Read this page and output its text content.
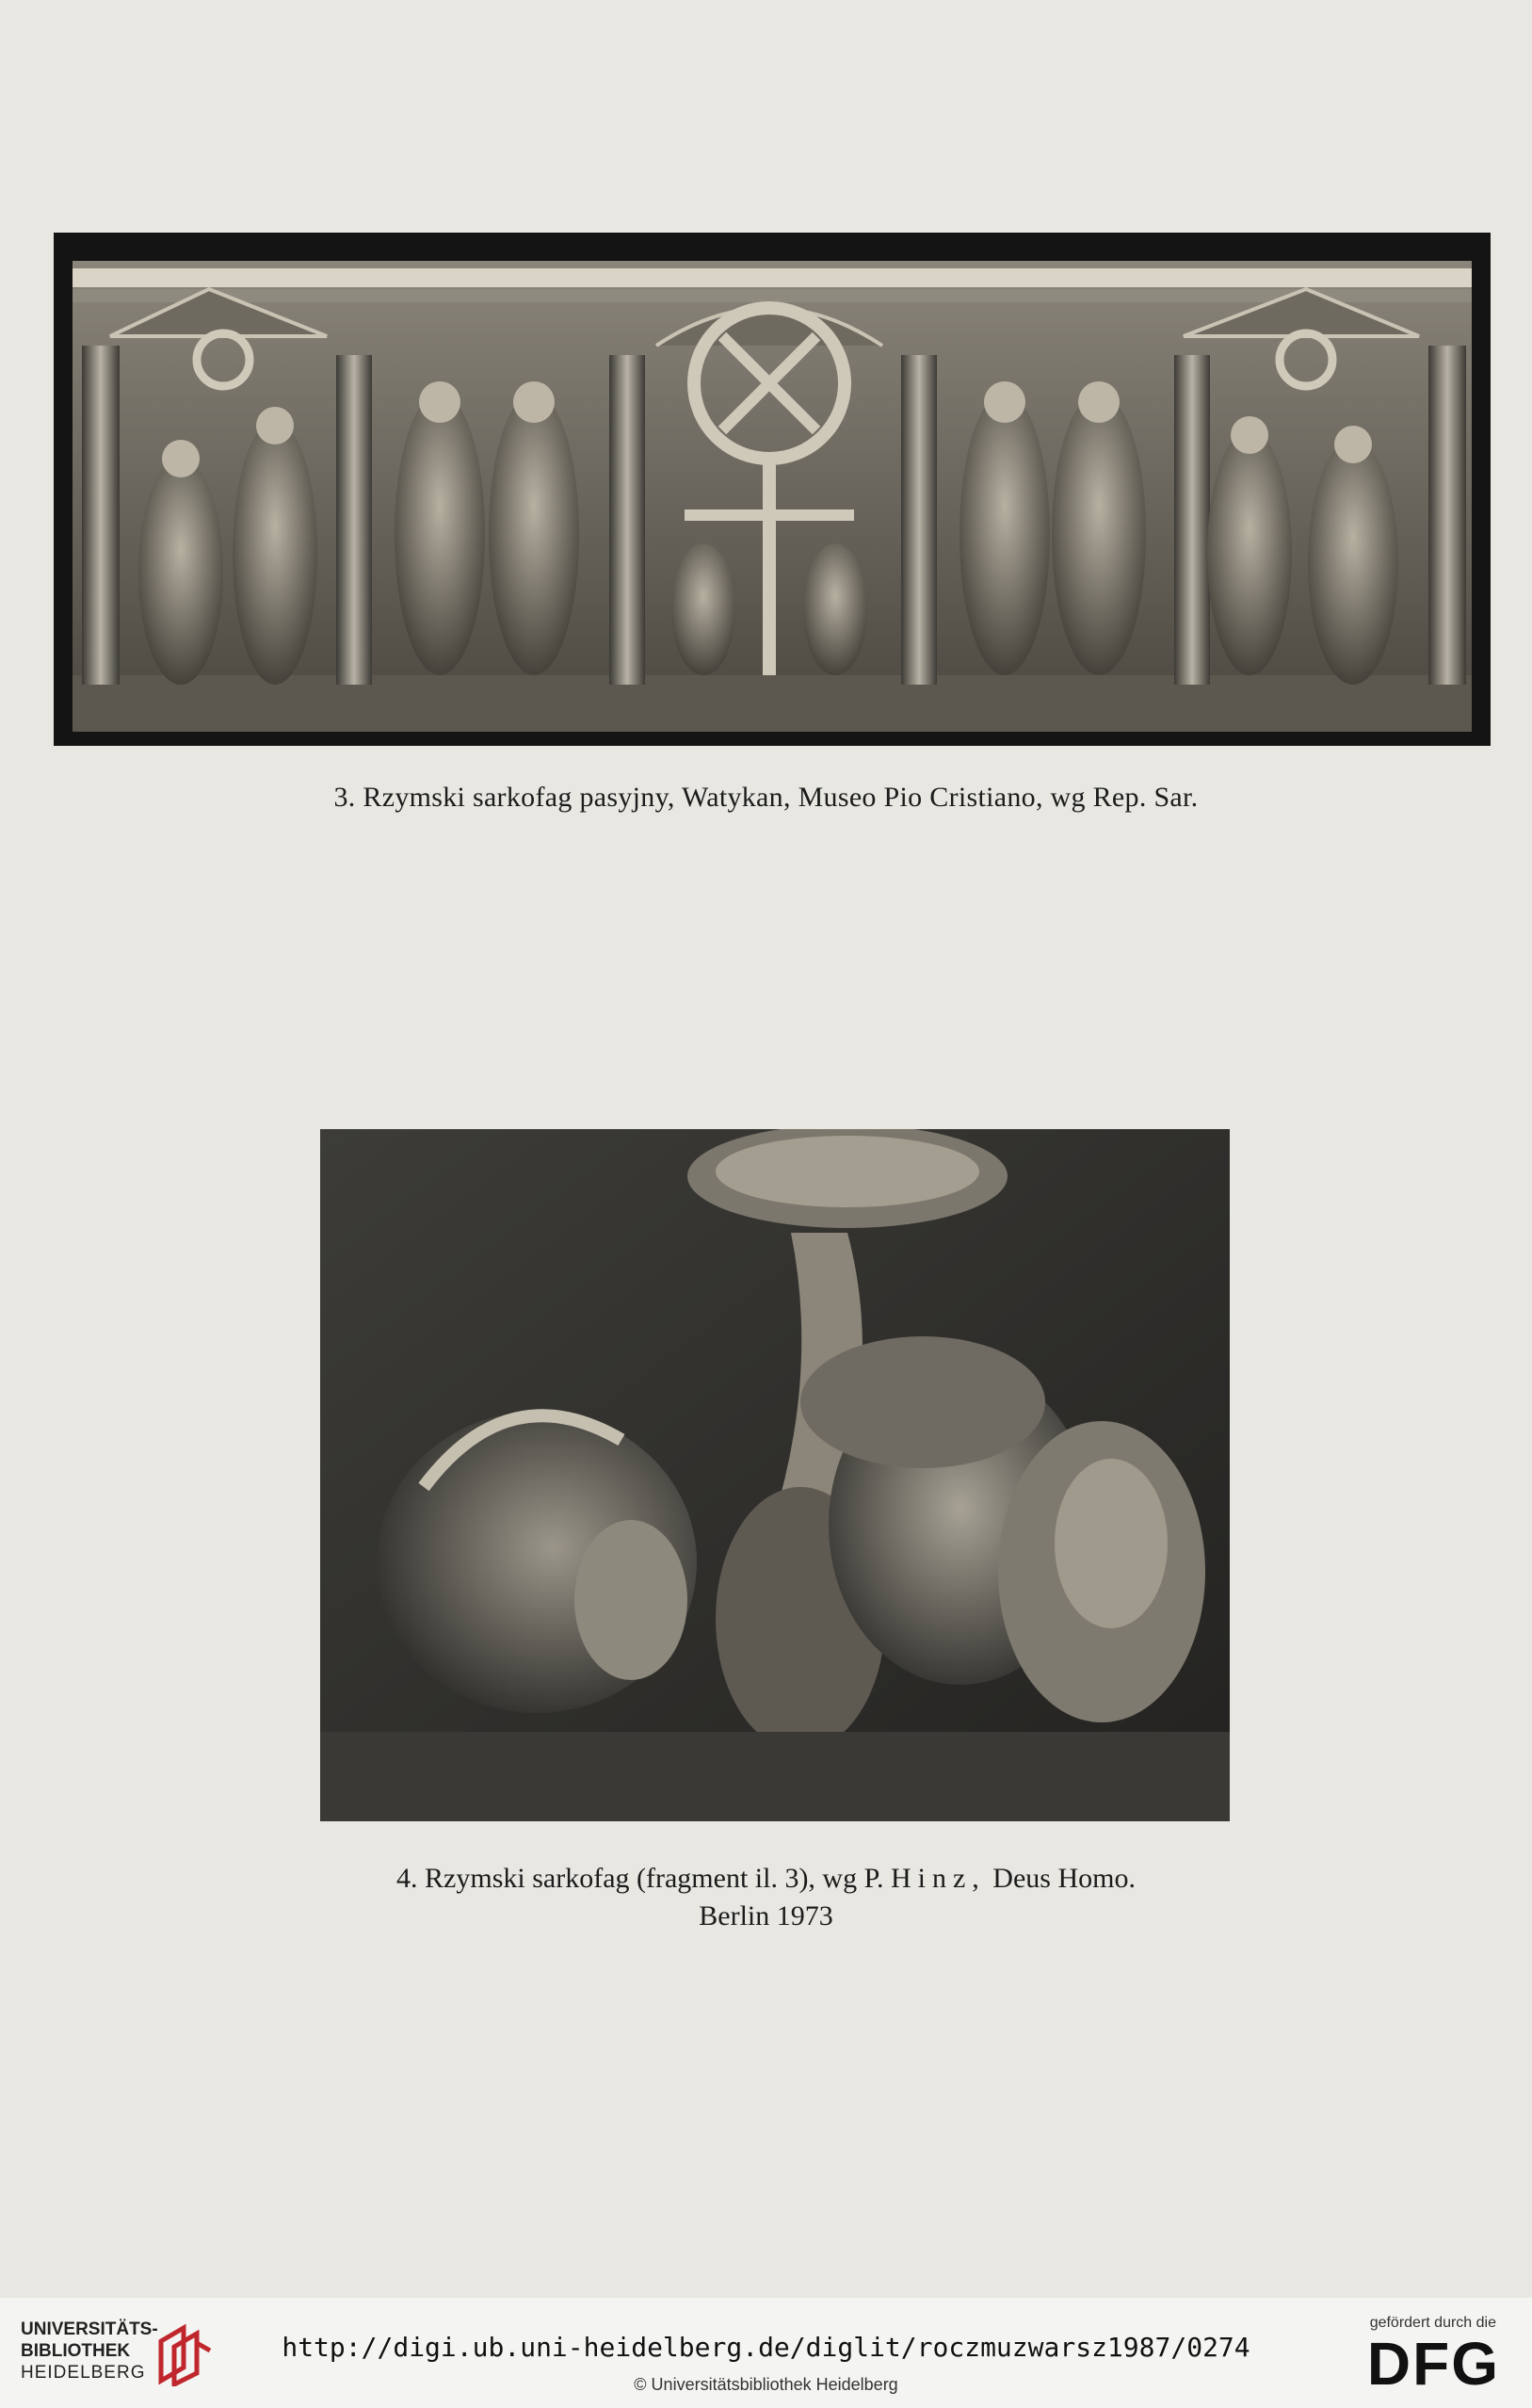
3. Rzymski sarkofag pasyjny, Watykan, Museo Pio Cristiano, wg Rep. Sar.
4. Rzymski sarkofag (fragment il. 3), wg P. Hinz, Deus Homo.
Berlin 1973
UNIVERSITÄTS-
BIBLIOTHEK
HEIDELBERG
http://digi.ub.uni-heidelberg.de/diglit/roczmuzwarsz1987/0274
© Universitätsbibliothek Heidelberg
gefördert durch die
DFG
